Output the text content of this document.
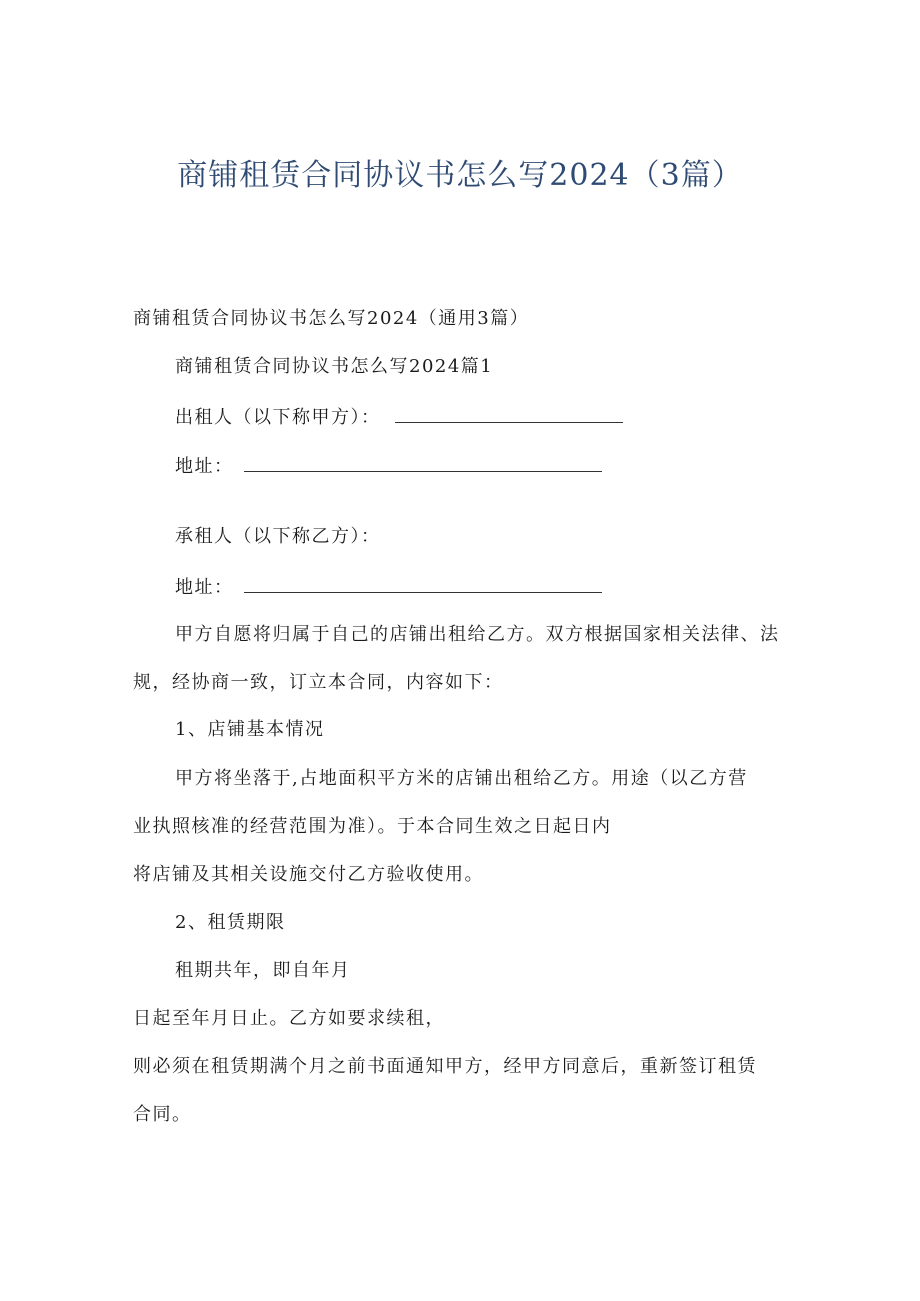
商铺租赁合同协议书怎么写2024（3篇）
商铺租赁合同协议书怎么写2024（通用3篇）
商铺租赁合同协议书怎么写2024篇1
出租人（以下称甲方）：
地址：
承租人（以下称乙方）：
地址：
甲方自愿将归属于自己的店铺出租给乙方。双方根据国家相关法律、法
规，经协商一致，订立本合同，内容如下：
1、店铺基本情况
甲方将坐落于,占地面积平方米的店铺出租给乙方。用途（以乙方营
业执照核准的经营范围为准）。于本合同生效之日起日内
将店铺及其相关设施交付乙方验收使用。
2、租赁期限
租期共年，即自年月
日起至年月日止。乙方如要求续租，
则必须在租赁期满个月之前书面通知甲方，经甲方同意后，重新签订租赁
合同。
